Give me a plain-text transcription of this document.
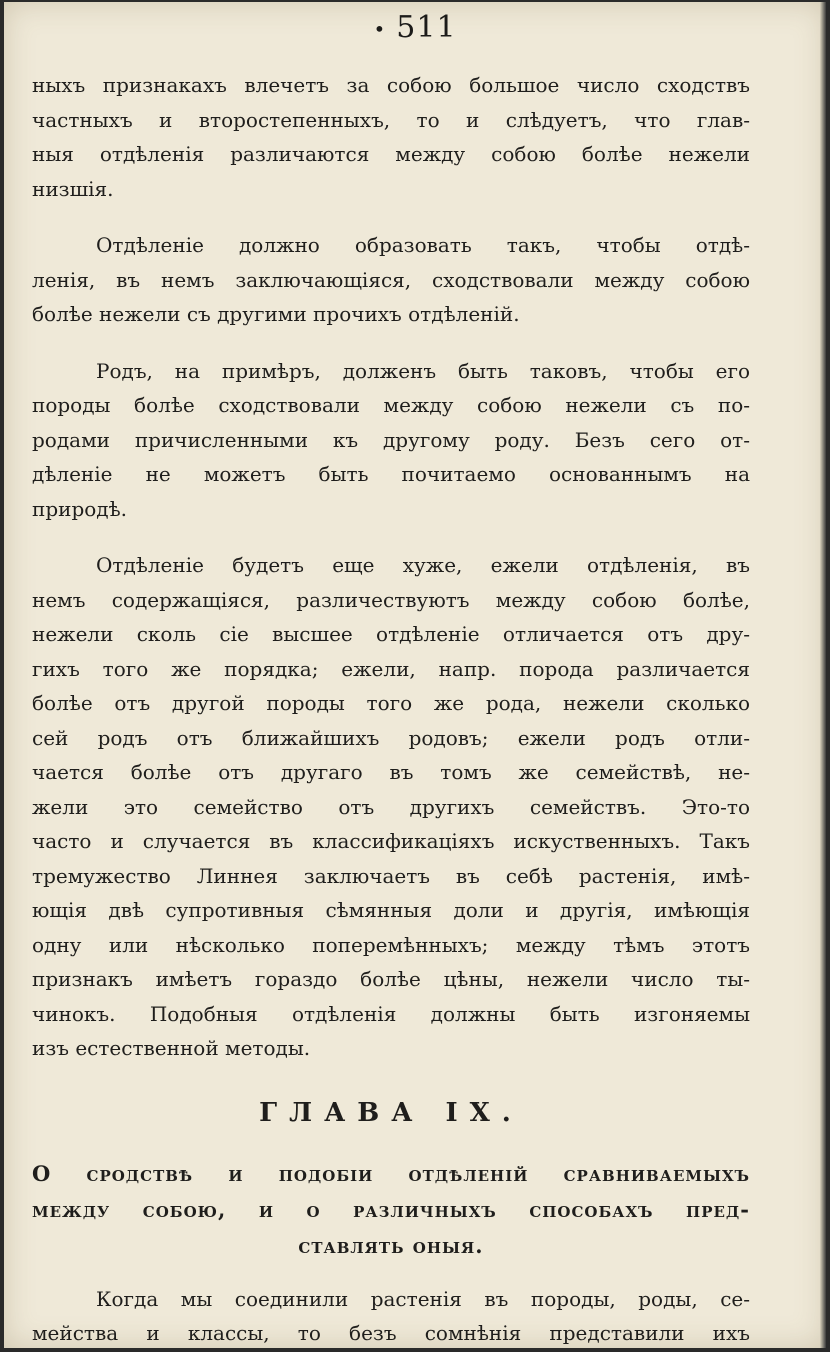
• 511
ныхъ признакахъ влечетъ за собою большое число сходствъ
частныхъ и второстепенныхъ, то и слѣдуетъ, что глав-
ныя отдѣленія различаются между собою болѣе нежели
низшія.
Отдѣленіе должно образовать такъ, чтобы отдѣ-
ленія, въ немъ заключающіяся, сходствовали между собою
болѣе нежели съ другими прочихъ отдѣленій.
Родъ, на примѣръ, долженъ быть таковъ, чтобы его
породы болѣе сходствовали между собою нежели съ по-
родами причисленными къ другому роду. Безъ сего от-
дѣленіе не можетъ быть почитаемо основаннымъ на
природѣ.
Отдѣленіе будетъ еще хуже, ежели отдѣленія, въ
немъ содержащіяся, различествуютъ между собою болѣе,
нежели сколь сіе высшее отдѣленіе отличается отъ дру-
гихъ того же порядка; ежели, напр. порода различается
болѣе отъ другой породы того же рода, нежели сколько
сей родъ отъ ближайшихъ родовъ; ежели родъ отли-
чается болѣе отъ другаго въ томъ же семействѣ, не-
жели это семейство отъ другихъ семействъ. Это-то
часто и случается въ классификаціяхъ искуственныхъ. Такъ
тремужество Линнея заключаетъ въ себѣ растенія, имѣ-
ющія двѣ супротивныя сѣмянныя доли и другія, имѣющія
одну или нѣсколько поперемѣнныхъ; между тѣмъ этотъ
признакъ имѣетъ гораздо болѣе цѣны, нежели число ты-
чинокъ. Подобныя отдѣленія должны быть изгоняемы
изъ естественной методы.
ГЛАВА IX.
О сродствѣ и подобіи отдѣленій сравниваемыхъ
между собою, и о различныхъ способахъ пред-
ставлять оныя.
Когда мы соединили растенія въ породы, роды, се-
мейства и классы, то безъ сомнѣнія представили ихъ
